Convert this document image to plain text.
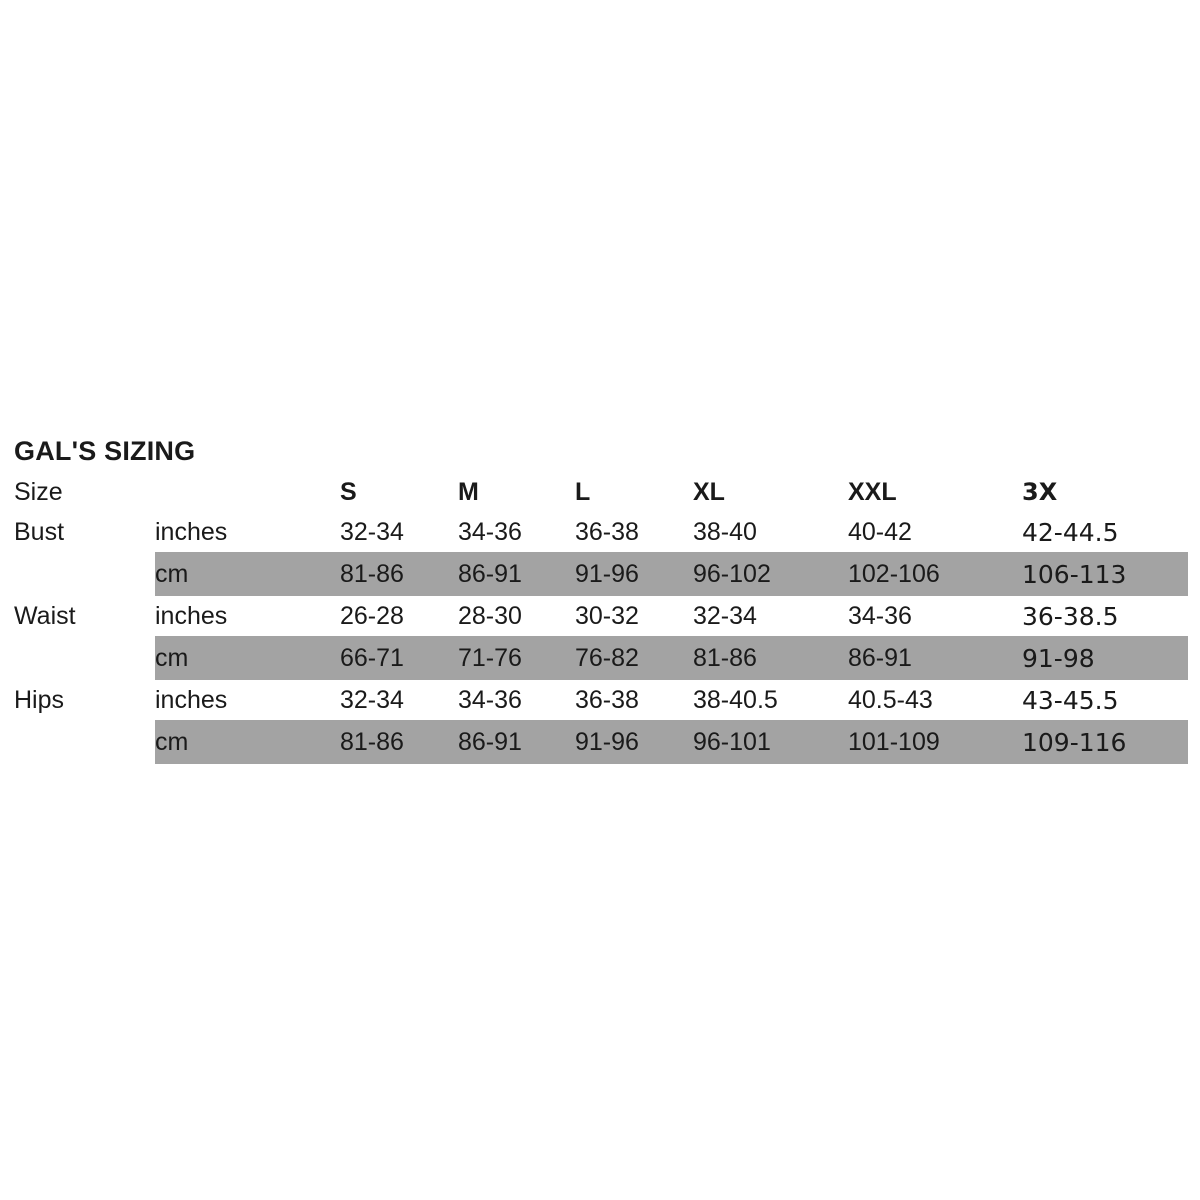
GAL'S SIZING
Size		S	M	L	XL	XXL	3X
Bust	inches	32-34	34-36	36-38	38-40	40-42	42-44.5
	cm	81-86	86-91	91-96	96-102	102-106	106-113
Waist	inches	26-28	28-30	30-32	32-34	34-36	36-38.5
	cm	66-71	71-76	76-82	81-86	86-91	91-98
Hips	inches	32-34	34-36	36-38	38-40.5	40.5-43	43-45.5
	cm	81-86	86-91	91-96	96-101	101-109	109-116
